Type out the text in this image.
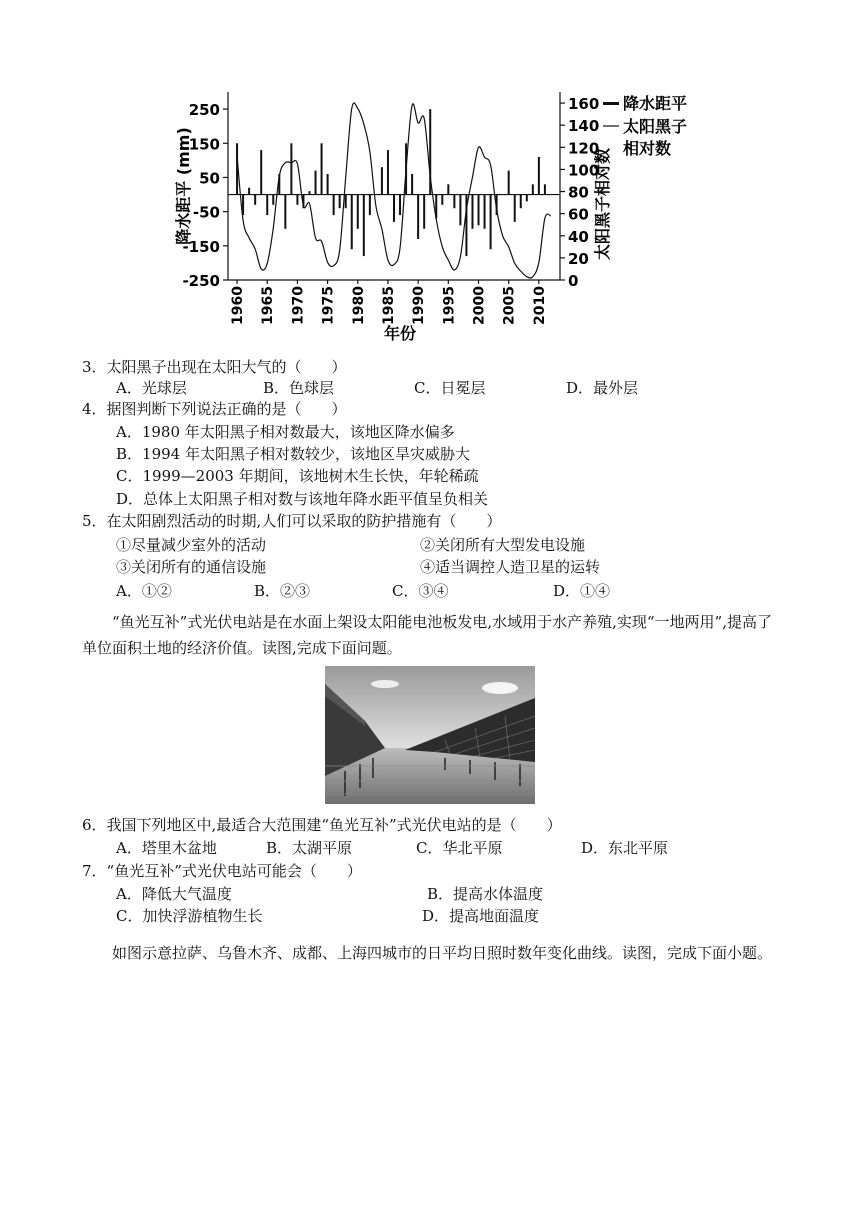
250
150
50
-50
-150
-250
160
140
120
100
80
60
40
20
0
1960 1965 1970 1975 1980 1985 1990 1995 2000 2005 2010
降水距平 (mm)	太阳黑子相对数
年份
降水距平
太阳黑子
相对数
3．太阳黑子出现在太阳大气的（　　）
A．光球层	B．色球层	C．日冕层	D．最外层
4．据图判断下列说法正确的是（　　）
A．1980 年太阳黑子相对数最大，该地区降水偏多
B．1994 年太阳黑子相对数较少，该地区旱灾威胁大
C．1999—2003 年期间，该地树木生长快，年轮稀疏
D．总体上太阳黑子相对数与该地年降水距平值呈负相关
5．在太阳剧烈活动的时期,人们可以采取的防护措施有（　　）
①尽量减少室外的活动	②关闭所有大型发电设施
③关闭所有的通信设施	④适当调控人造卫星的运转
A．①②	B．②③	C．③④	D．①④
“鱼光互补”式光伏电站是在水面上架设太阳能电池板发电,水域用于水产养殖,实现“一地两用”,提高了单位面积土地的经济价值。读图,完成下面问题。
6．我国下列地区中,最适合大范围建“鱼光互补”式光伏电站的是（　　）
A．塔里木盆地	B．太湖平原	C．华北平原	D．东北平原
7．“鱼光互补”式光伏电站可能会（　　）
A．降低大气温度	B．提高水体温度
C．加快浮游植物生长	D．提高地面温度
如图示意拉萨、乌鲁木齐、成都、上海四城市的日平均日照时数年变化曲线。读图，完成下面小题。
